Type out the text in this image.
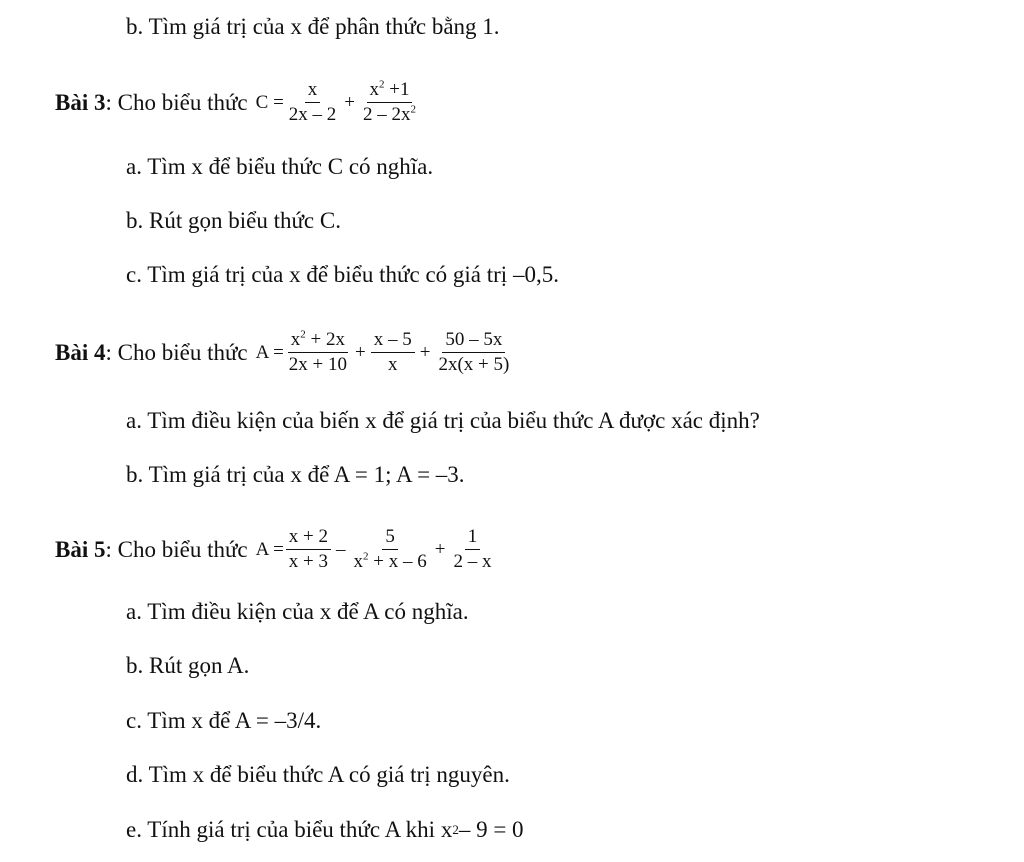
b. Tìm giá trị của x để phân thức bằng 1.
Bài 3 : Cho biểu thức $C = \frac{x}{2x - 2} + \frac{x^2 +1}{2 - 2x^2}$
a. Tìm x để biểu thức C có nghĩa.
b. Rút gọn biểu thức C.
c. Tìm giá trị của x để biểu thức có giá trị –0,5.
Bài 4 : Cho biểu thức $A = \frac{x^2 + 2x}{2x + 10} + \frac{x - 5}{x} + \frac{50 - 5x}{2x(x + 5)}$
a. Tìm điều kiện của biến x để giá trị của biểu thức A được xác định?
b. Tìm giá trị của x để A = 1; A = –3.
Bài 5 : Cho biểu thức $A = \frac{x + 2}{x + 3} - \frac{5}{x^2 + x - 6} + \frac{1}{2 - x}$
a. Tìm điều kiện của x để A có nghĩa.
b. Rút gọn A.
c. Tìm x để A = –3/4.
d. Tìm x để biểu thức A có giá trị nguyên.
e. Tính giá trị của biểu thức A khi x 2 – 9 = 0
